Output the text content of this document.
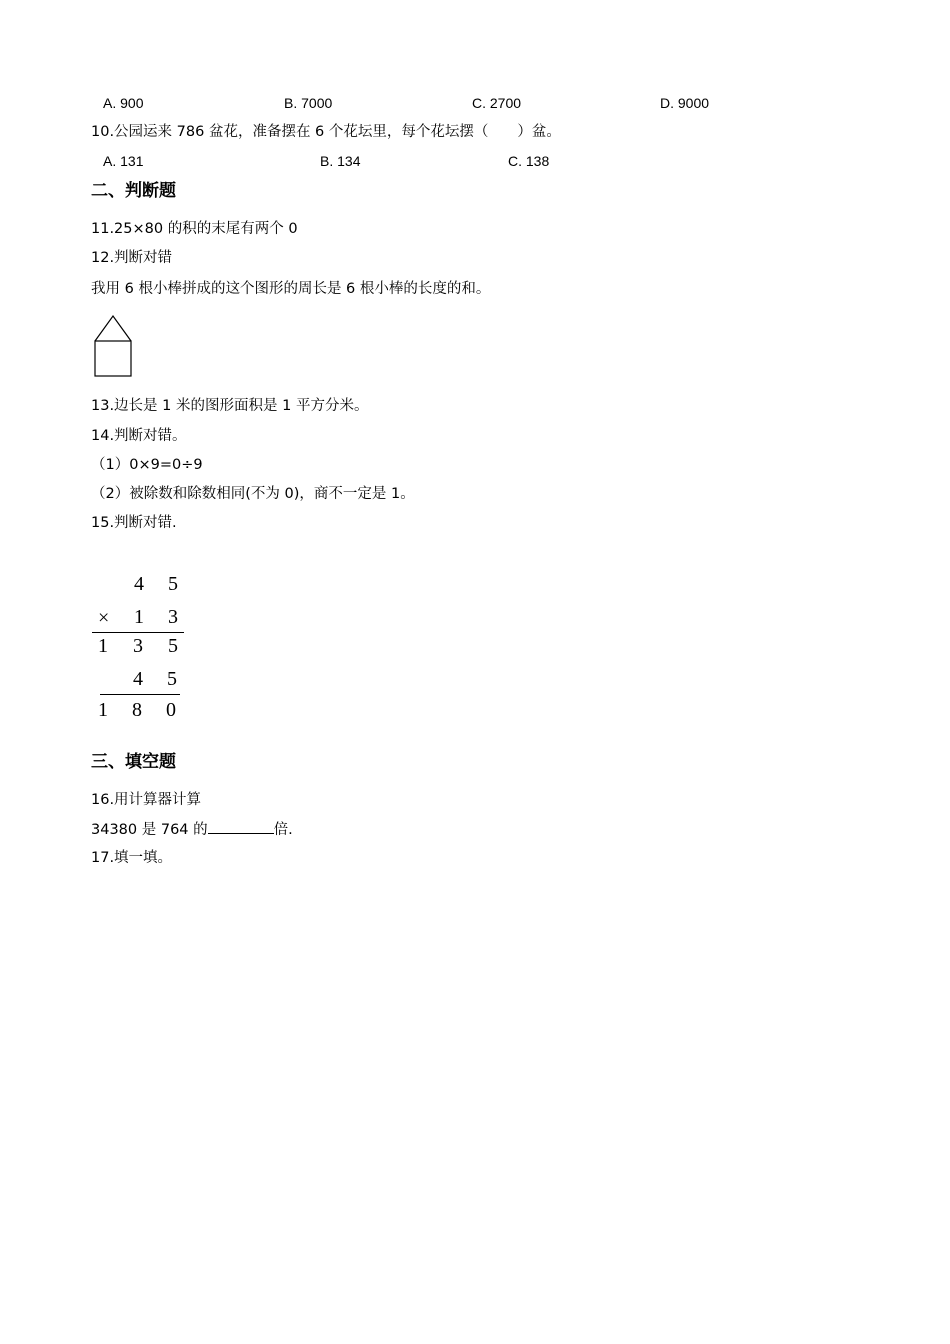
A. 900	B. 7000	C. 2700	D. 9000
10.公园运来 786 盆花，准备摆在 6 个花坛里，每个花坛摆（　　）盆。
A. 131	B. 134	C. 138
二、判断题
11.25×80 的积的末尾有两个 0
12.判断对错
我用 6 根小棒拼成的这个图形的周长是 6 根小棒的长度的和。
13.边长是 1 米的图形面积是 1 平方分米。
14.判断对错。
（1）0×9=0÷9
（2）被除数和除数相同(不为 0)，商不一定是 1。
15.判断对错.
4 5
× 1 3
1 3 5
4 5
1 8 0
三、填空题
16.用计算器计算
34380 是 764 的	倍.
17.填一填。
